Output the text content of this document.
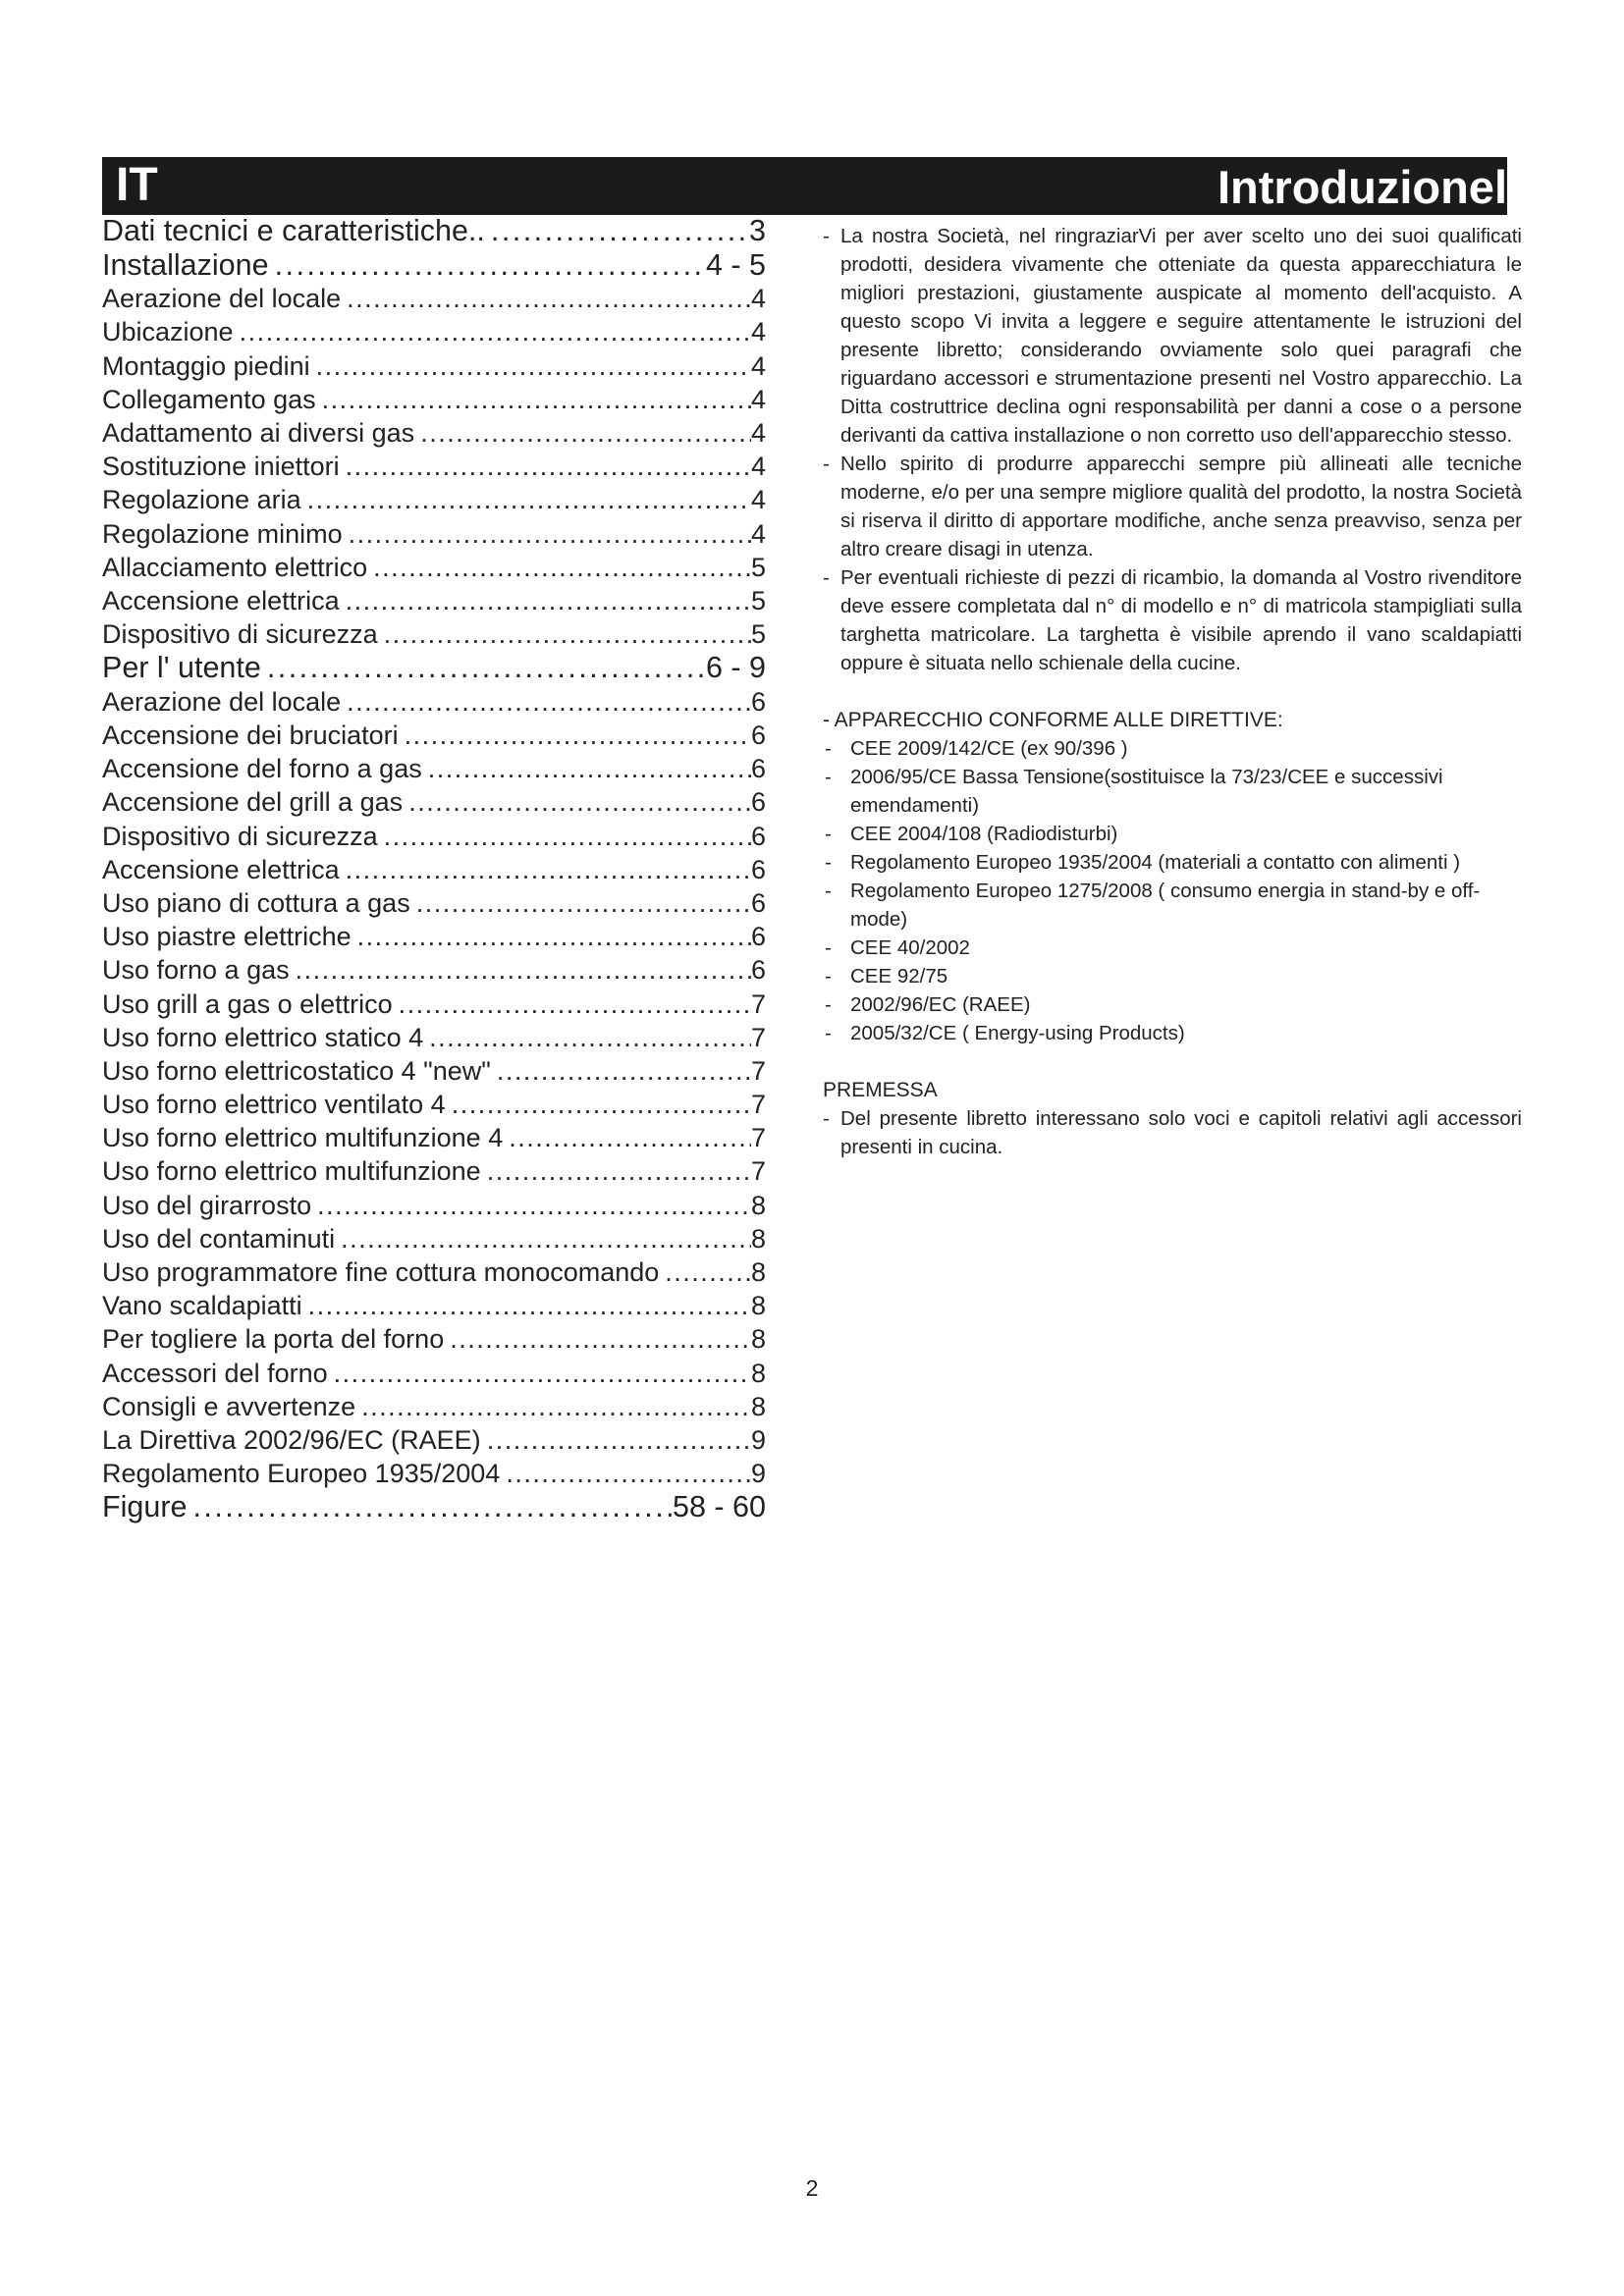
IT	Introduzionel
Dati tecnici e caratteristiche.. . . .	3
Installazione . . .	4 - 5
Aerazione del locale . . .	4
Ubicazione . . .	4
Montaggio piedini . . .	4
Collegamento gas . . .	4
Adattamento ai diversi gas . . .	4
Sostituzione iniettori . . .	4
Regolazione aria . . .	4
Regolazione minimo . . .	4
Allacciamento elettrico . . .	5
Accensione elettrica . . .	5
Dispositivo di sicurezza . . .	5
Per l' utente . . .	6 - 9
Aerazione del locale . . .	6
Accensione dei bruciatori . . .	6
Accensione del forno a gas . . .	6
Accensione del grill a gas . . .	6
Dispositivo di sicurezza . . .	6
Accensione elettrica . . .	6
Uso piano di cottura a gas . . .	6
Uso piastre elettriche . . .	6
Uso forno a gas . . .	6
Uso grill a gas o elettrico . . .	7
Uso forno elettrico statico 4 . . .	7
Uso forno elettricostatico 4 "new" . . .	7
Uso forno elettrico ventilato 4 . . .	7
Uso forno elettrico multifunzione 4 . . .	7
Uso forno elettrico multifunzione . . .	7
Uso del girarrosto . . .	8
Uso del contaminuti . . .	8
Uso programmatore fine cottura monocomando . . .	8
Vano scaldapiatti . . .	8
Per togliere la porta del forno . . .	8
Accessori del forno . . .	8
Consigli e avvertenze . . .	8
La Direttiva 2002/96/EC (RAEE) . . .	9
Regolamento Europeo 1935/2004 . . .	9
Figure . . .	58 - 60
- La nostra Società, nel ringraziarVi per aver scelto uno dei suoi qualificati prodotti, desidera vivamente che otteniate da questa apparecchiatura le migliori prestazioni, giustamente auspicate al momento dell'acquisto. A questo scopo Vi invita a leggere e seguire attentamente le istruzioni del presente libretto; considerando ovviamente solo quei paragrafi che riguardano accessori e strumentazione presenti nel Vostro apparecchio. La Ditta costruttrice declina ogni responsabilità per danni a cose o a persone derivanti da cattiva installazione o non corretto uso dell'apparecchio stesso.
- Nello spirito di produrre apparecchi sempre più allineati alle tecniche moderne, e/o per una sempre migliore qualità del prodotto, la nostra Società si riserva il diritto di apportare modifiche, anche senza preavviso, senza per altro creare disagi in utenza.
- Per eventuali richieste di pezzi di ricambio, la domanda al Vostro rivenditore deve essere completata dal n° di modello e n° di matricola stampigliati sulla targhetta matricolare. La targhetta è visibile aprendo il vano scaldapiatti oppure è situata nello schienale della cucine.
- APPARECCHIO CONFORME ALLE DIRETTIVE:
- CEE 2009/142/CE (ex 90/396 )
- 2006/95/CE Bassa Tensione(sostituisce la 73/23/CEE e successivi emendamenti)
- CEE 2004/108 (Radiodisturbi)
- Regolamento Europeo 1935/2004 (materiali a contatto con alimenti )
- Regolamento Europeo 1275/2008 ( consumo energia in stand-by e off-mode)
- CEE 40/2002
- CEE 92/75
- 2002/96/EC (RAEE)
- 2005/32/CE ( Energy-using Products)
PREMESSA
- Del presente libretto interessano solo voci e capitoli relativi agli accessori presenti in cucina.
2
